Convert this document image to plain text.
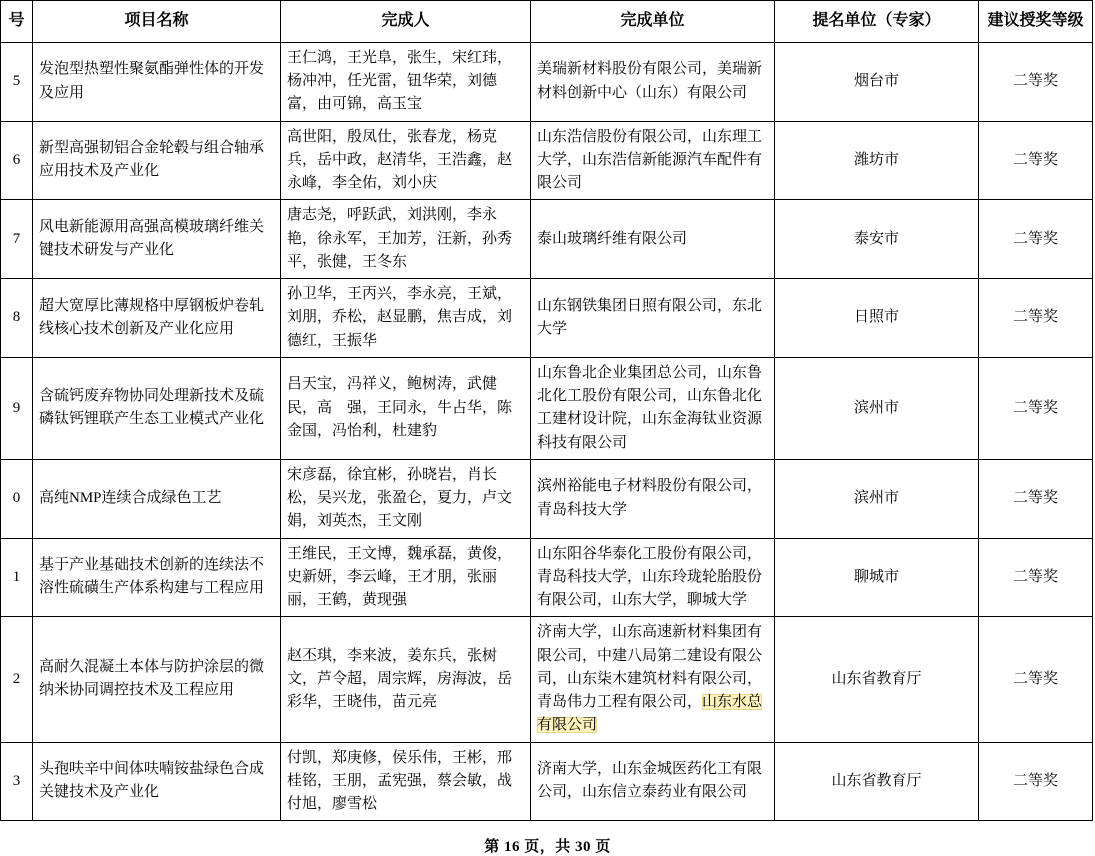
号	项目名称	完成人	完成单位	提名单位（专家）	建议授奖等级
5	发泡型热塑性聚氨酯弹性体的开发及应用	王仁鸿，王光阜，张生，宋红玮，杨冲冲，任光雷，钮华荣，刘德富，由可锦，高玉宝	美瑞新材料股份有限公司，美瑞新材料创新中心（山东）有限公司	烟台市	二等奖
6	新型高强韧铝合金轮毂与组合轴承应用技术及产业化	高世阳，殷凤仕，张春龙，杨克兵，岳中政，赵清华，王浩鑫，赵永峰，李全佑，刘小庆	山东浩信股份有限公司，山东理工大学，山东浩信新能源汽车配件有限公司	潍坊市	二等奖
7	风电新能源用高强高模玻璃纤维关键技术研发与产业化	唐志尧，呼跃武，刘洪刚，李永艳，徐永军，王加芳，汪新，孙秀平，张健，王冬东	泰山玻璃纤维有限公司	泰安市	二等奖
8	超大宽厚比薄规格中厚钢板炉卷轧线核心技术创新及产业化应用	孙卫华，王丙兴，李永亮，王斌，刘朋，乔松，赵显鹏，焦吉成，刘德红，王振华	山东钢铁集团日照有限公司，东北大学	日照市	二等奖
9	含硫钙废弃物协同处理新技术及硫磷钛钙锂联产生态工业模式产业化	吕天宝，冯祥义，鲍树涛，武健民，高　强，王同永，牛占华，陈金国，冯怡利，杜建豹	山东鲁北企业集团总公司，山东鲁北化工股份有限公司，山东鲁北化工建材设计院，山东金海钛业资源科技有限公司	滨州市	二等奖
0	高纯NMP连续合成绿色工艺	宋彦磊，徐宜彬，孙晓岩，肖长松，吴兴龙，张盈仑，夏力，卢文娟，刘英杰，王文刚	滨州裕能电子材料股份有限公司，青岛科技大学	滨州市	二等奖
1	基于产业基础技术创新的连续法不溶性硫磺生产体系构建与工程应用	王维民，王文博，魏承磊，黄俊，史新妍，李云峰，王才朋，张丽丽，王鹤，黄现强	山东阳谷华泰化工股份有限公司，青岛科技大学，山东玲珑轮胎股份有限公司，山东大学，聊城大学	聊城市	二等奖
2	高耐久混凝土本体与防护涂层的微纳米协同调控技术及工程应用	赵丕琪，李来波，姜东兵，张树文，芦令超，周宗辉，房海波，岳彩华，王晓伟，苗元亮	济南大学，山东高速新材料集团有限公司，中建八局第二建设有限公司，山东柒木建筑材料有限公司，青岛伟力工程有限公司，山东水总有限公司	山东省教育厅	二等奖
3	头孢呋辛中间体呋喃铵盐绿色合成关键技术及产业化	付凯，郑庚修，侯乐伟，王彬，邢桂铭，王朋，孟宪强，蔡会敏，战付旭，廖雪松	济南大学，山东金城医药化工有限公司，山东信立泰药业有限公司	山东省教育厅	二等奖
第 16 页，共 30 页
